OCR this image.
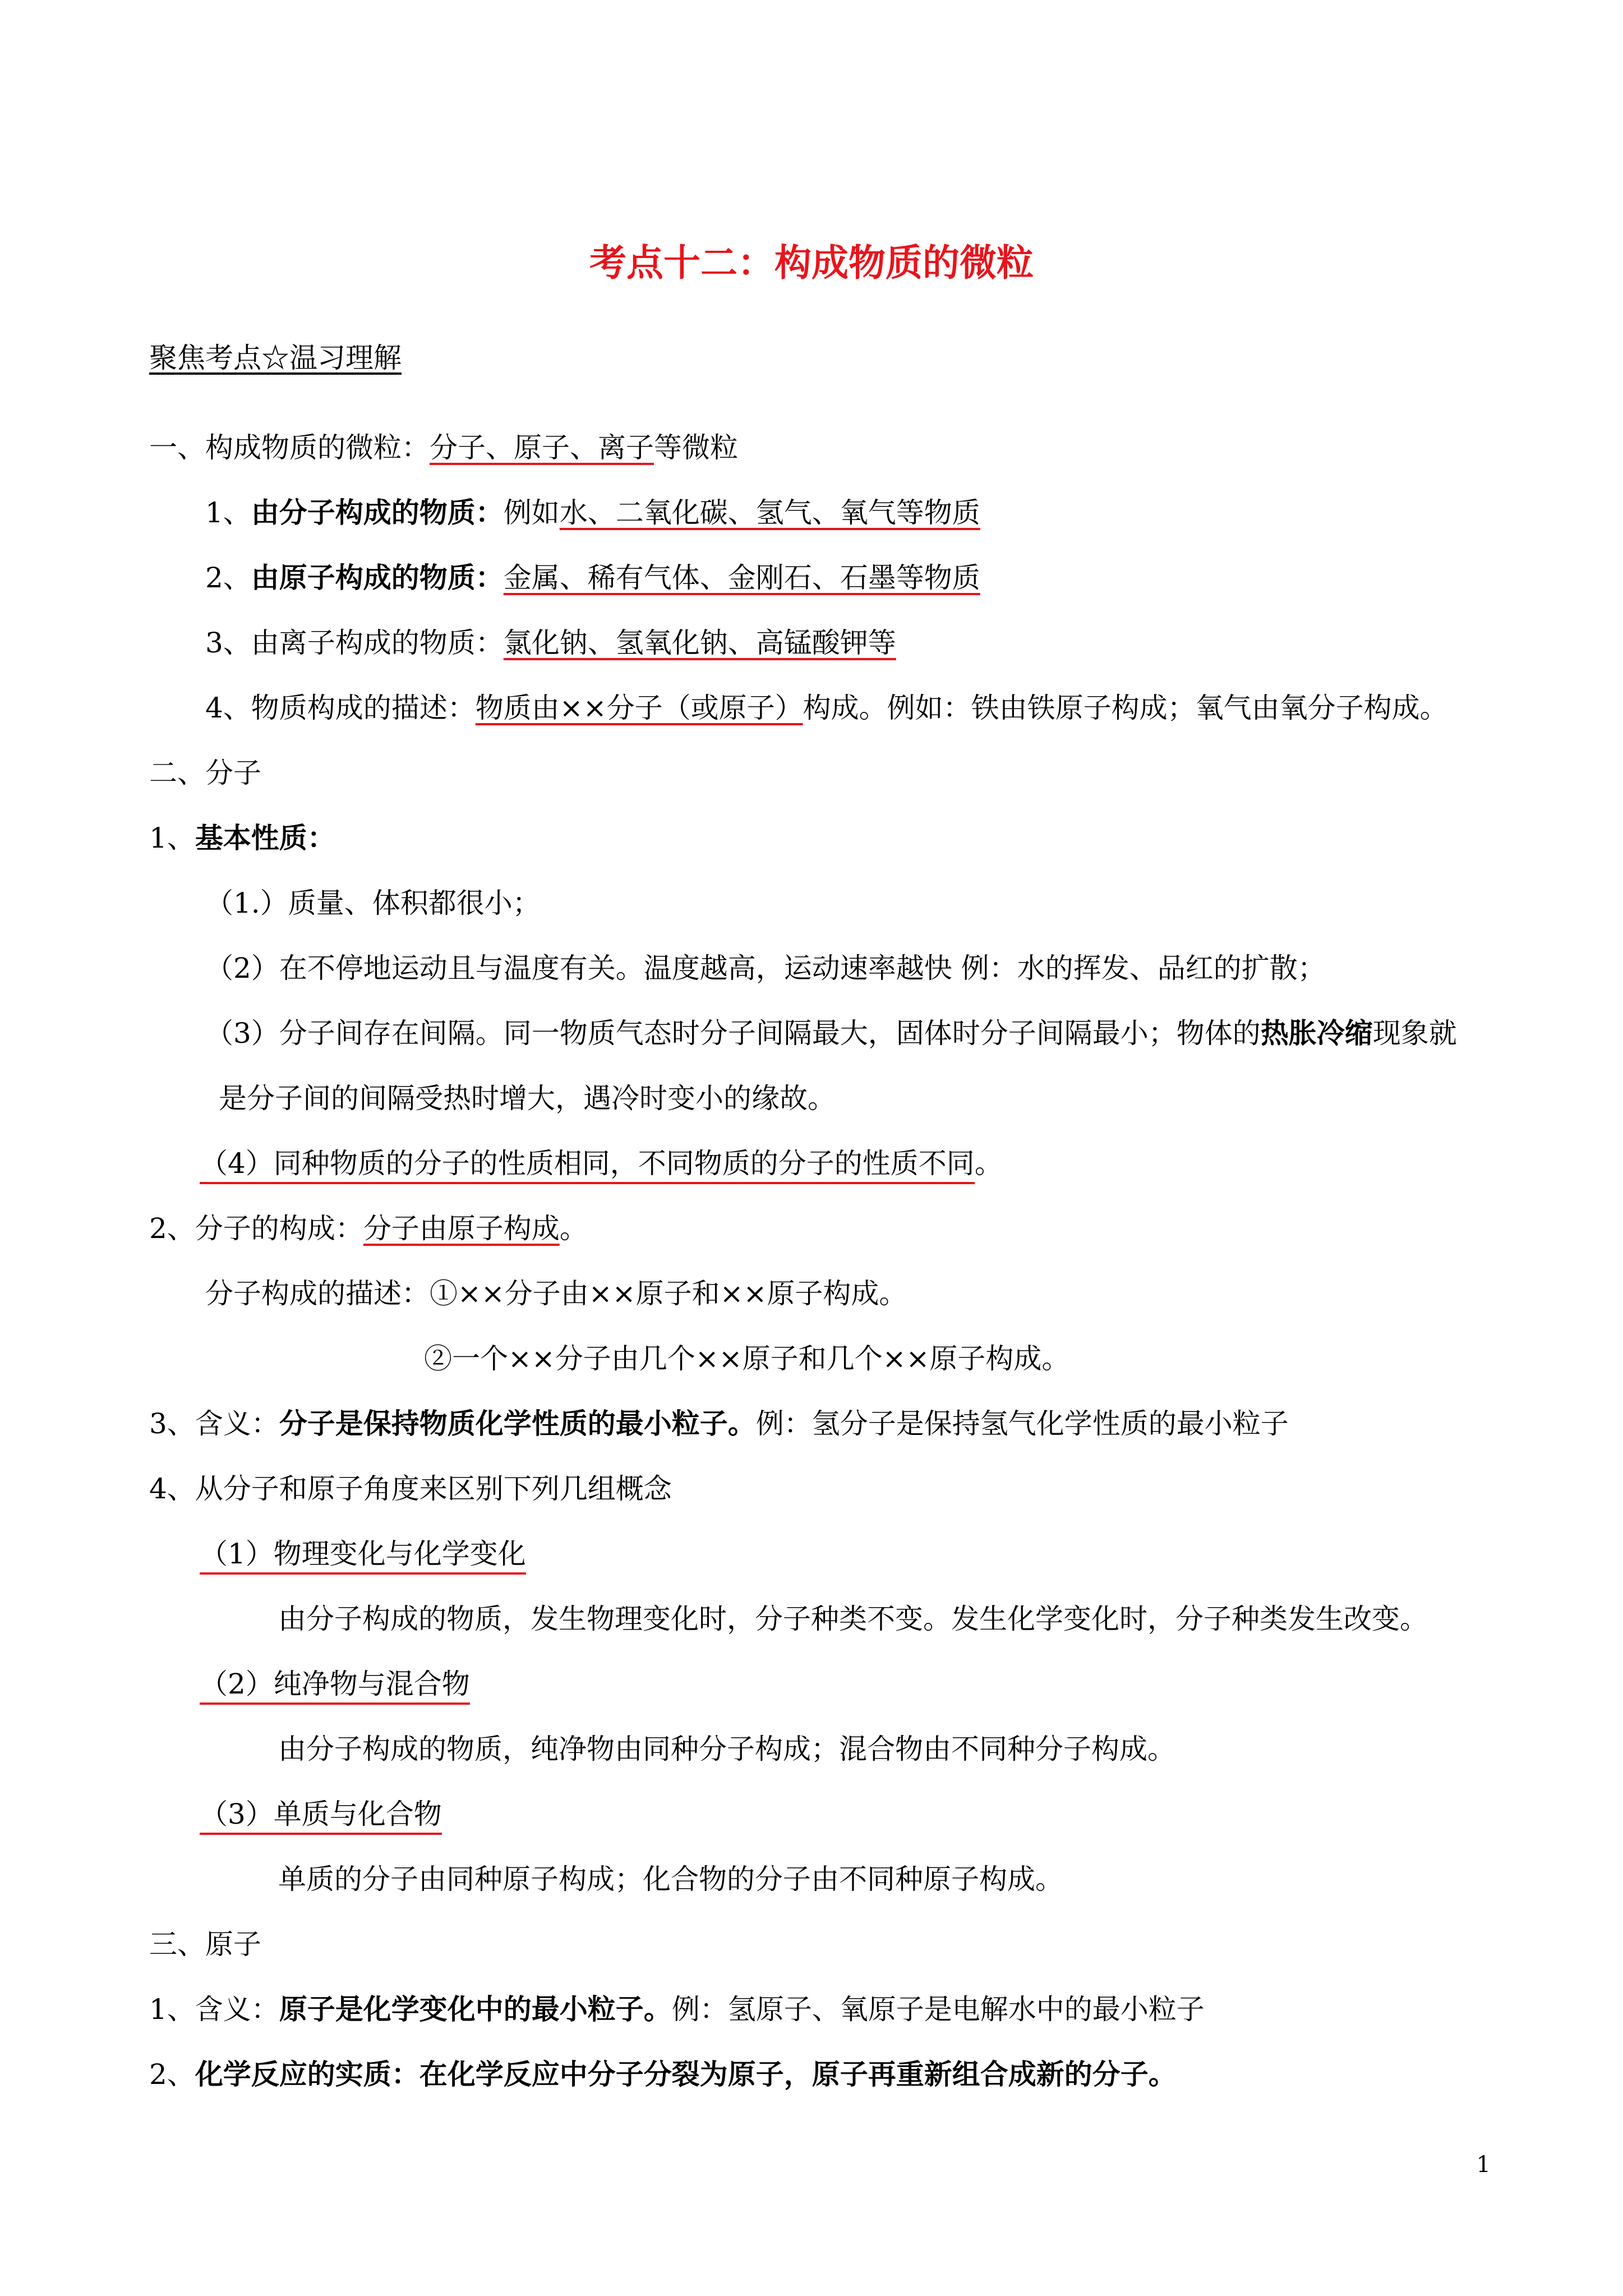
考点十二：构成物质的微粒
聚焦考点☆温习理解
一、构成物质的微粒：分子、原子、离子等微粒
1、由分子构成的物质：例如水、二氧化碳、氢气、氧气等物质
2、由原子构成的物质：金属、稀有气体、金刚石、石墨等物质
3、由离子构成的物质：氯化钠、氢氧化钠、高锰酸钾等
4、物质构成的描述：物质由××分子（或原子）构成。例如：铁由铁原子构成；氧气由氧分子构成。
二、分子
1、基本性质：
（1.）质量、体积都很小；
（2）在不停地运动且与温度有关。温度越高，运动速率越快 例：水的挥发、品红的扩散；
（3）分子间存在间隔。同一物质气态时分子间隔最大，固体时分子间隔最小；物体的热胀冷缩现象就
是分子间的间隔受热时增大，遇冷时变小的缘故。
（4）同种物质的分子的性质相同，不同物质的分子的性质不同。
2、分子的构成：分子由原子构成。
分子构成的描述：①××分子由××原子和××原子构成。
②一个××分子由几个××原子和几个××原子构成。
3、含义：分子是保持物质化学性质的最小粒子。例：氢分子是保持氢气化学性质的最小粒子
4、从分子和原子角度来区别下列几组概念
（1）物理变化与化学变化
由分子构成的物质，发生物理变化时，分子种类不变。发生化学变化时，分子种类发生改变。
（2）纯净物与混合物
由分子构成的物质，纯净物由同种分子构成；混合物由不同种分子构成。
（3）单质与化合物
单质的分子由同种原子构成；化合物的分子由不同种原子构成。
三、原子
1、含义：原子是化学变化中的最小粒子。例：氢原子、氧原子是电解水中的最小粒子
2、化学反应的实质：在化学反应中分子分裂为原子，原子再重新组合成新的分子。
1
